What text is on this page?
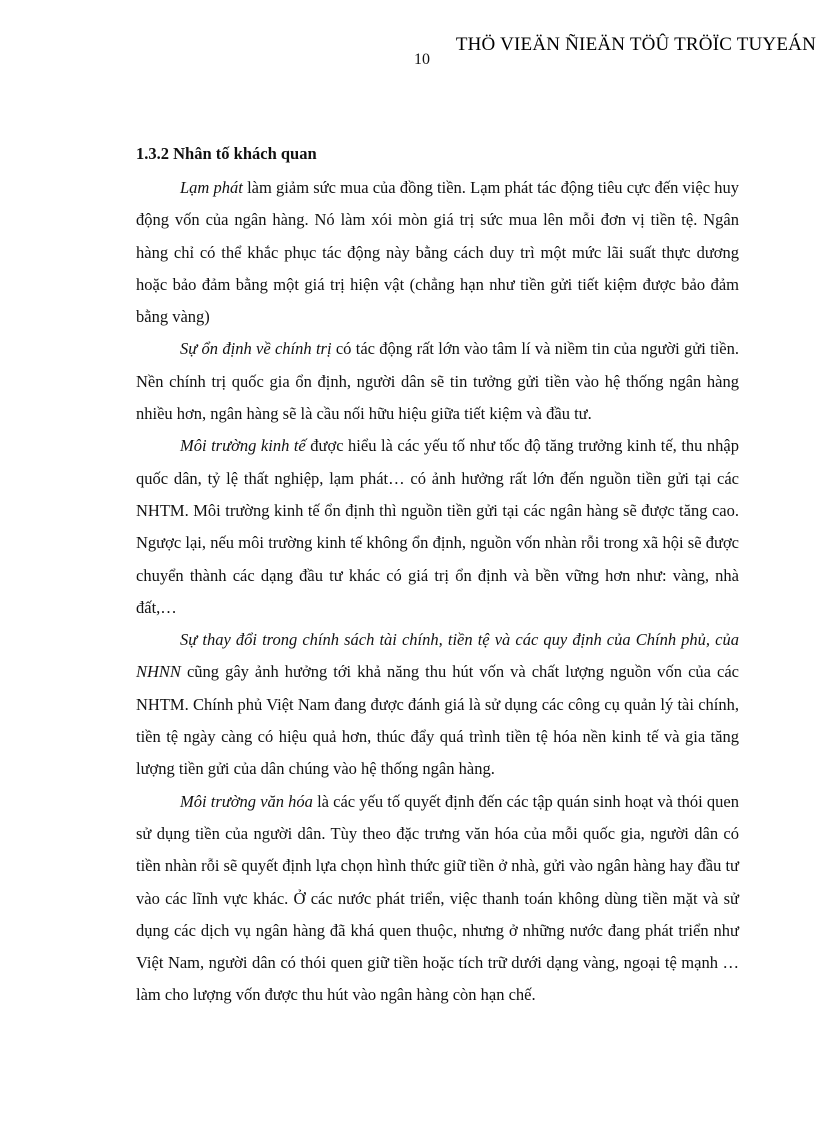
THÖ VIEÄN ÑIEÄN TÖÛ TRÖÏC TUYEÁN
10

1.3.2 Nhân tố khách quan

Lạm phát làm giảm sức mua của đồng tiền. Lạm phát tác động tiêu cực đến việc huy động vốn của ngân hàng. Nó làm xói mòn giá trị sức mua lên mỗi đơn vị tiền tệ. Ngân hàng chỉ có thể khắc phục tác động này bằng cách duy trì một mức lãi suất thực dương hoặc bảo đảm bằng một giá trị hiện vật (chẳng hạn như tiền gửi tiết kiệm được bảo đảm bằng vàng)

Sự ổn định về chính trị có tác động rất lớn vào tâm lí và niềm tin của người gửi tiền. Nền chính trị quốc gia ổn định, người dân sẽ tin tưởng gửi tiền vào hệ thống ngân hàng nhiều hơn, ngân hàng sẽ là cầu nối hữu hiệu giữa tiết kiệm và đầu tư.

Môi trường kinh tế được hiểu là các yếu tố như tốc độ tăng trưởng kinh tế, thu nhập quốc dân, tỷ lệ thất nghiệp, lạm phát… có ảnh hưởng rất lớn đến nguồn tiền gửi tại các NHTM. Môi trường kinh tế ổn định thì nguồn tiền gửi tại các ngân hàng sẽ được tăng cao. Ngược lại, nếu môi trường kinh tế không ổn định, nguồn vốn nhàn rỗi trong xã hội sẽ được chuyển thành các dạng đầu tư khác có giá trị ổn định và bền vững hơn như: vàng, nhà đất,…

Sự thay đổi trong chính sách tài chính, tiền tệ và các quy định của Chính phủ, của NHNN cũng gây ảnh hưởng tới khả năng thu hút vốn và chất lượng nguồn vốn của các NHTM. Chính phủ Việt Nam đang được đánh giá là sử dụng các công cụ quản lý tài chính, tiền tệ ngày càng có hiệu quả hơn, thúc đẩy quá trình tiền tệ hóa nền kinh tế và gia tăng lượng tiền gửi của dân chúng vào hệ thống ngân hàng.

Môi trường văn hóa là các yếu tố quyết định đến các tập quán sinh hoạt và thói quen sử dụng tiền của người dân. Tùy theo đặc trưng văn hóa của mỗi quốc gia, người dân có tiền nhàn rỗi sẽ quyết định lựa chọn hình thức giữ tiền ở nhà, gửi vào ngân hàng hay đầu tư vào các lĩnh vực khác. Ở các nước phát triển, việc thanh toán không dùng tiền mặt và sử dụng các dịch vụ ngân hàng đã khá quen thuộc, nhưng ở những nước đang phát triển như Việt Nam, người dân có thói quen giữ tiền hoặc tích trữ dưới dạng vàng, ngoại tệ mạnh … làm cho lượng vốn được thu hút vào ngân hàng còn hạn chế.
